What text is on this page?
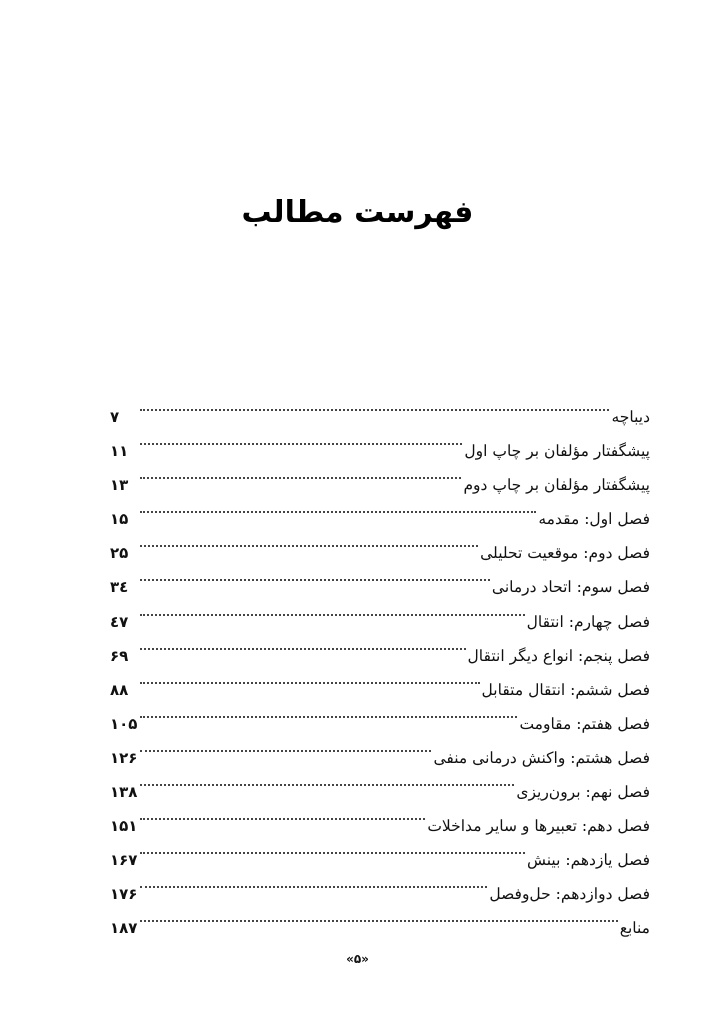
فهرست مطالب
دیباچه
۷
پیشگفتار مؤلفان بر چاپ اول
۱۱
پیشگفتار مؤلفان بر چاپ دوم
۱۳
فصل اول: مقدمه
۱۵
فصل دوم: موقعیت تحلیلی
۲۵
فصل سوم: اتحاد درمانی
۳٤
فصل چهارم: انتقال
٤۷
فصل پنجم: انواع دیگر انتقال
۶۹
فصل ششم: انتقال متقابل
۸۸
فصل هفتم: مقاومت
۱۰۵
فصل هشتم: واکنش درمانی منفی
۱۲۶
فصل نهم: برون‌ریزی
۱۳۸
فصل دهم: تعبیرها و سایر مداخلات
۱۵۱
فصل یازدهم: بینش
۱۶۷
فصل دوازدهم: حل‌وفصل
۱۷۶
منابع
۱۸۷
«۵»
